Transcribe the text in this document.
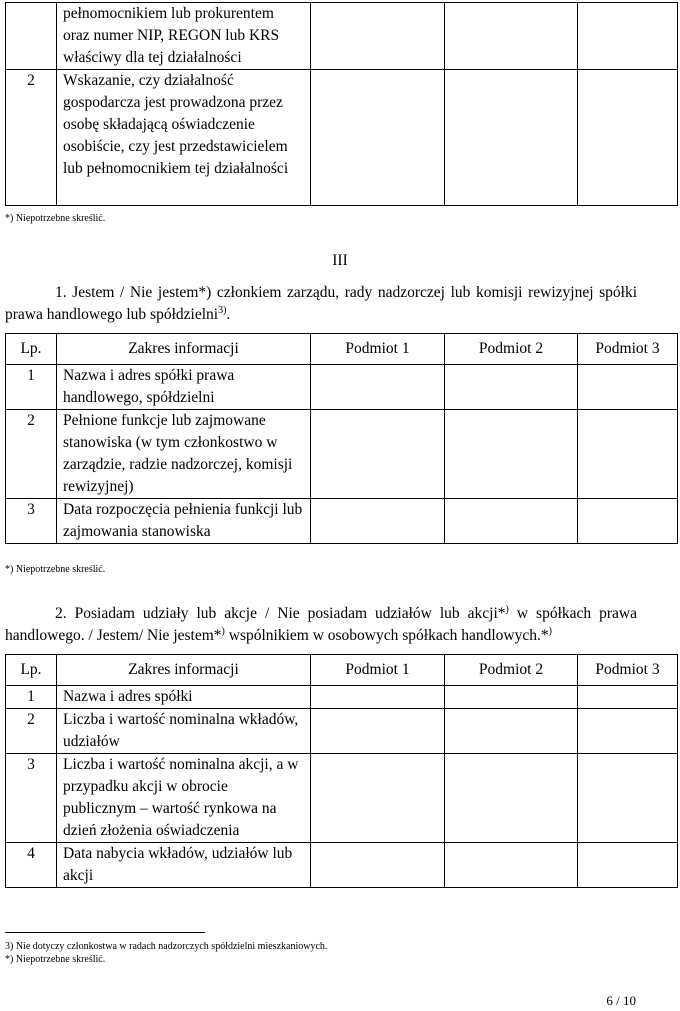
	pełnomocnikiem lub prokurentem oraz numer NIP, REGON lub KRS właściwy dla tej działalności			
2	Wskazanie, czy działalność gospodarcza jest prowadzona przez osobę składającą oświadczenie osobiście, czy jest przedstawicielem lub pełnomocnikiem tej działalności			
*) Niepotrzebne skreślić.
III
1. Jestem / Nie jestem*) członkiem zarządu, rady nadzorczej lub komisji rewizyjnej spółki prawa handlowego lub spółdzielni$^{3)}$.
Lp.	Zakres informacji	Podmiot 1	Podmiot 2	Podmiot 3
1	Nazwa i adres spółki prawa handlowego, spółdzielni			
2	Pełnione funkcje lub zajmowane stanowiska (w tym członkostwo w zarządzie, radzie nadzorczej, komisji rewizyjnej)			
3	Data rozpoczęcia pełnienia funkcji lub zajmowania stanowiska			
*) Niepotrzebne skreślić.
2. Posiadam udziały lub akcje / Nie posiadam udziałów lub akcji*) w spółkach prawa handlowego. / Jestem/ Nie jestem*) wspólnikiem w osobowych spółkach handlowych.*)
Lp.	Zakres informacji	Podmiot 1	Podmiot 2	Podmiot 3
1	Nazwa i adres spółki			
2	Liczba i wartość nominalna wkładów, udziałów			
3	Liczba i wartość nominalna akcji, a w przypadku akcji w obrocie publicznym – wartość rynkowa na dzień złożenia oświadczenia			
4	Data nabycia wkładów, udziałów lub akcji			
3) Nie dotyczy członkostwa w radach nadzorczych spółdzielni mieszkaniowych.
*) Niepotrzebne skreślić.
6 / 10
